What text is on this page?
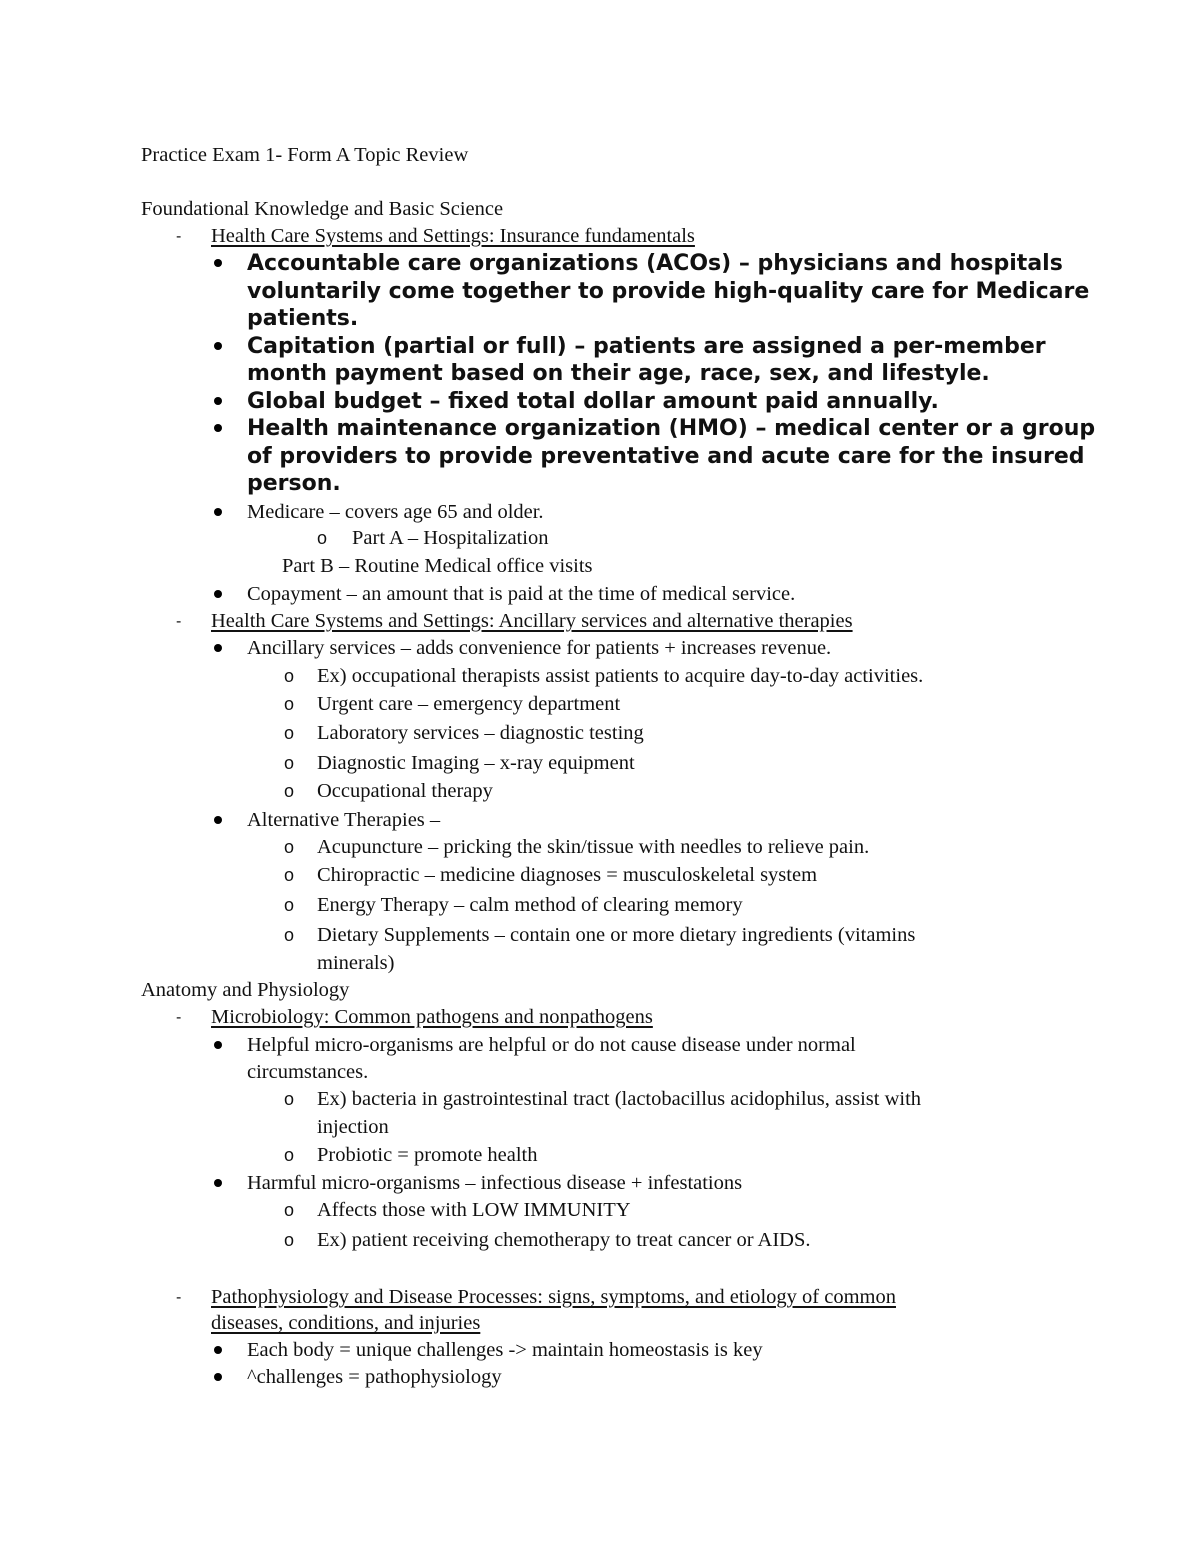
Practice Exam 1- Form A Topic Review
Foundational Knowledge and Basic Science
- Health Care Systems and Settings: Insurance fundamentals
Accountable care organizations (ACOs) – physicians and hospitals
voluntarily come together to provide high-quality care for Medicare
patients.
Capitation (partial or full) – patients are assigned a per-member
month payment based on their age, race, sex, and lifestyle.
Global budget – fixed total dollar amount paid annually.
Health maintenance organization (HMO) – medical center or a group
of providers to provide preventative and acute care for the insured
person.
Medicare – covers age 65 and older.
o Part A – Hospitalization
Part B – Routine Medical office visits
Copayment – an amount that is paid at the time of medical service.
- Health Care Systems and Settings: Ancillary services and alternative therapies
Ancillary services – adds convenience for patients + increases revenue.
o Ex) occupational therapists assist patients to acquire day-to-day activities.
o Urgent care – emergency department
o Laboratory services – diagnostic testing
o Diagnostic Imaging – x-ray equipment
o Occupational therapy
Alternative Therapies –
o Acupuncture – pricking the skin/tissue with needles to relieve pain.
o Chiropractic – medicine diagnoses = musculoskeletal system
o Energy Therapy – calm method of clearing memory
o Dietary Supplements – contain one or more dietary ingredients (vitamins
minerals)
Anatomy and Physiology
- Microbiology: Common pathogens and nonpathogens
Helpful micro-organisms are helpful or do not cause disease under normal
circumstances.
o Ex) bacteria in gastrointestinal tract (lactobacillus acidophilus, assist with
injection
o Probiotic = promote health
Harmful micro-organisms – infectious disease + infestations
o Affects those with LOW IMMUNITY
o Ex) patient receiving chemotherapy to treat cancer or AIDS.
- Pathophysiology and Disease Processes: signs, symptoms, and etiology of common
diseases, conditions, and injuries
Each body = unique challenges -> maintain homeostasis is key
^challenges = pathophysiology
